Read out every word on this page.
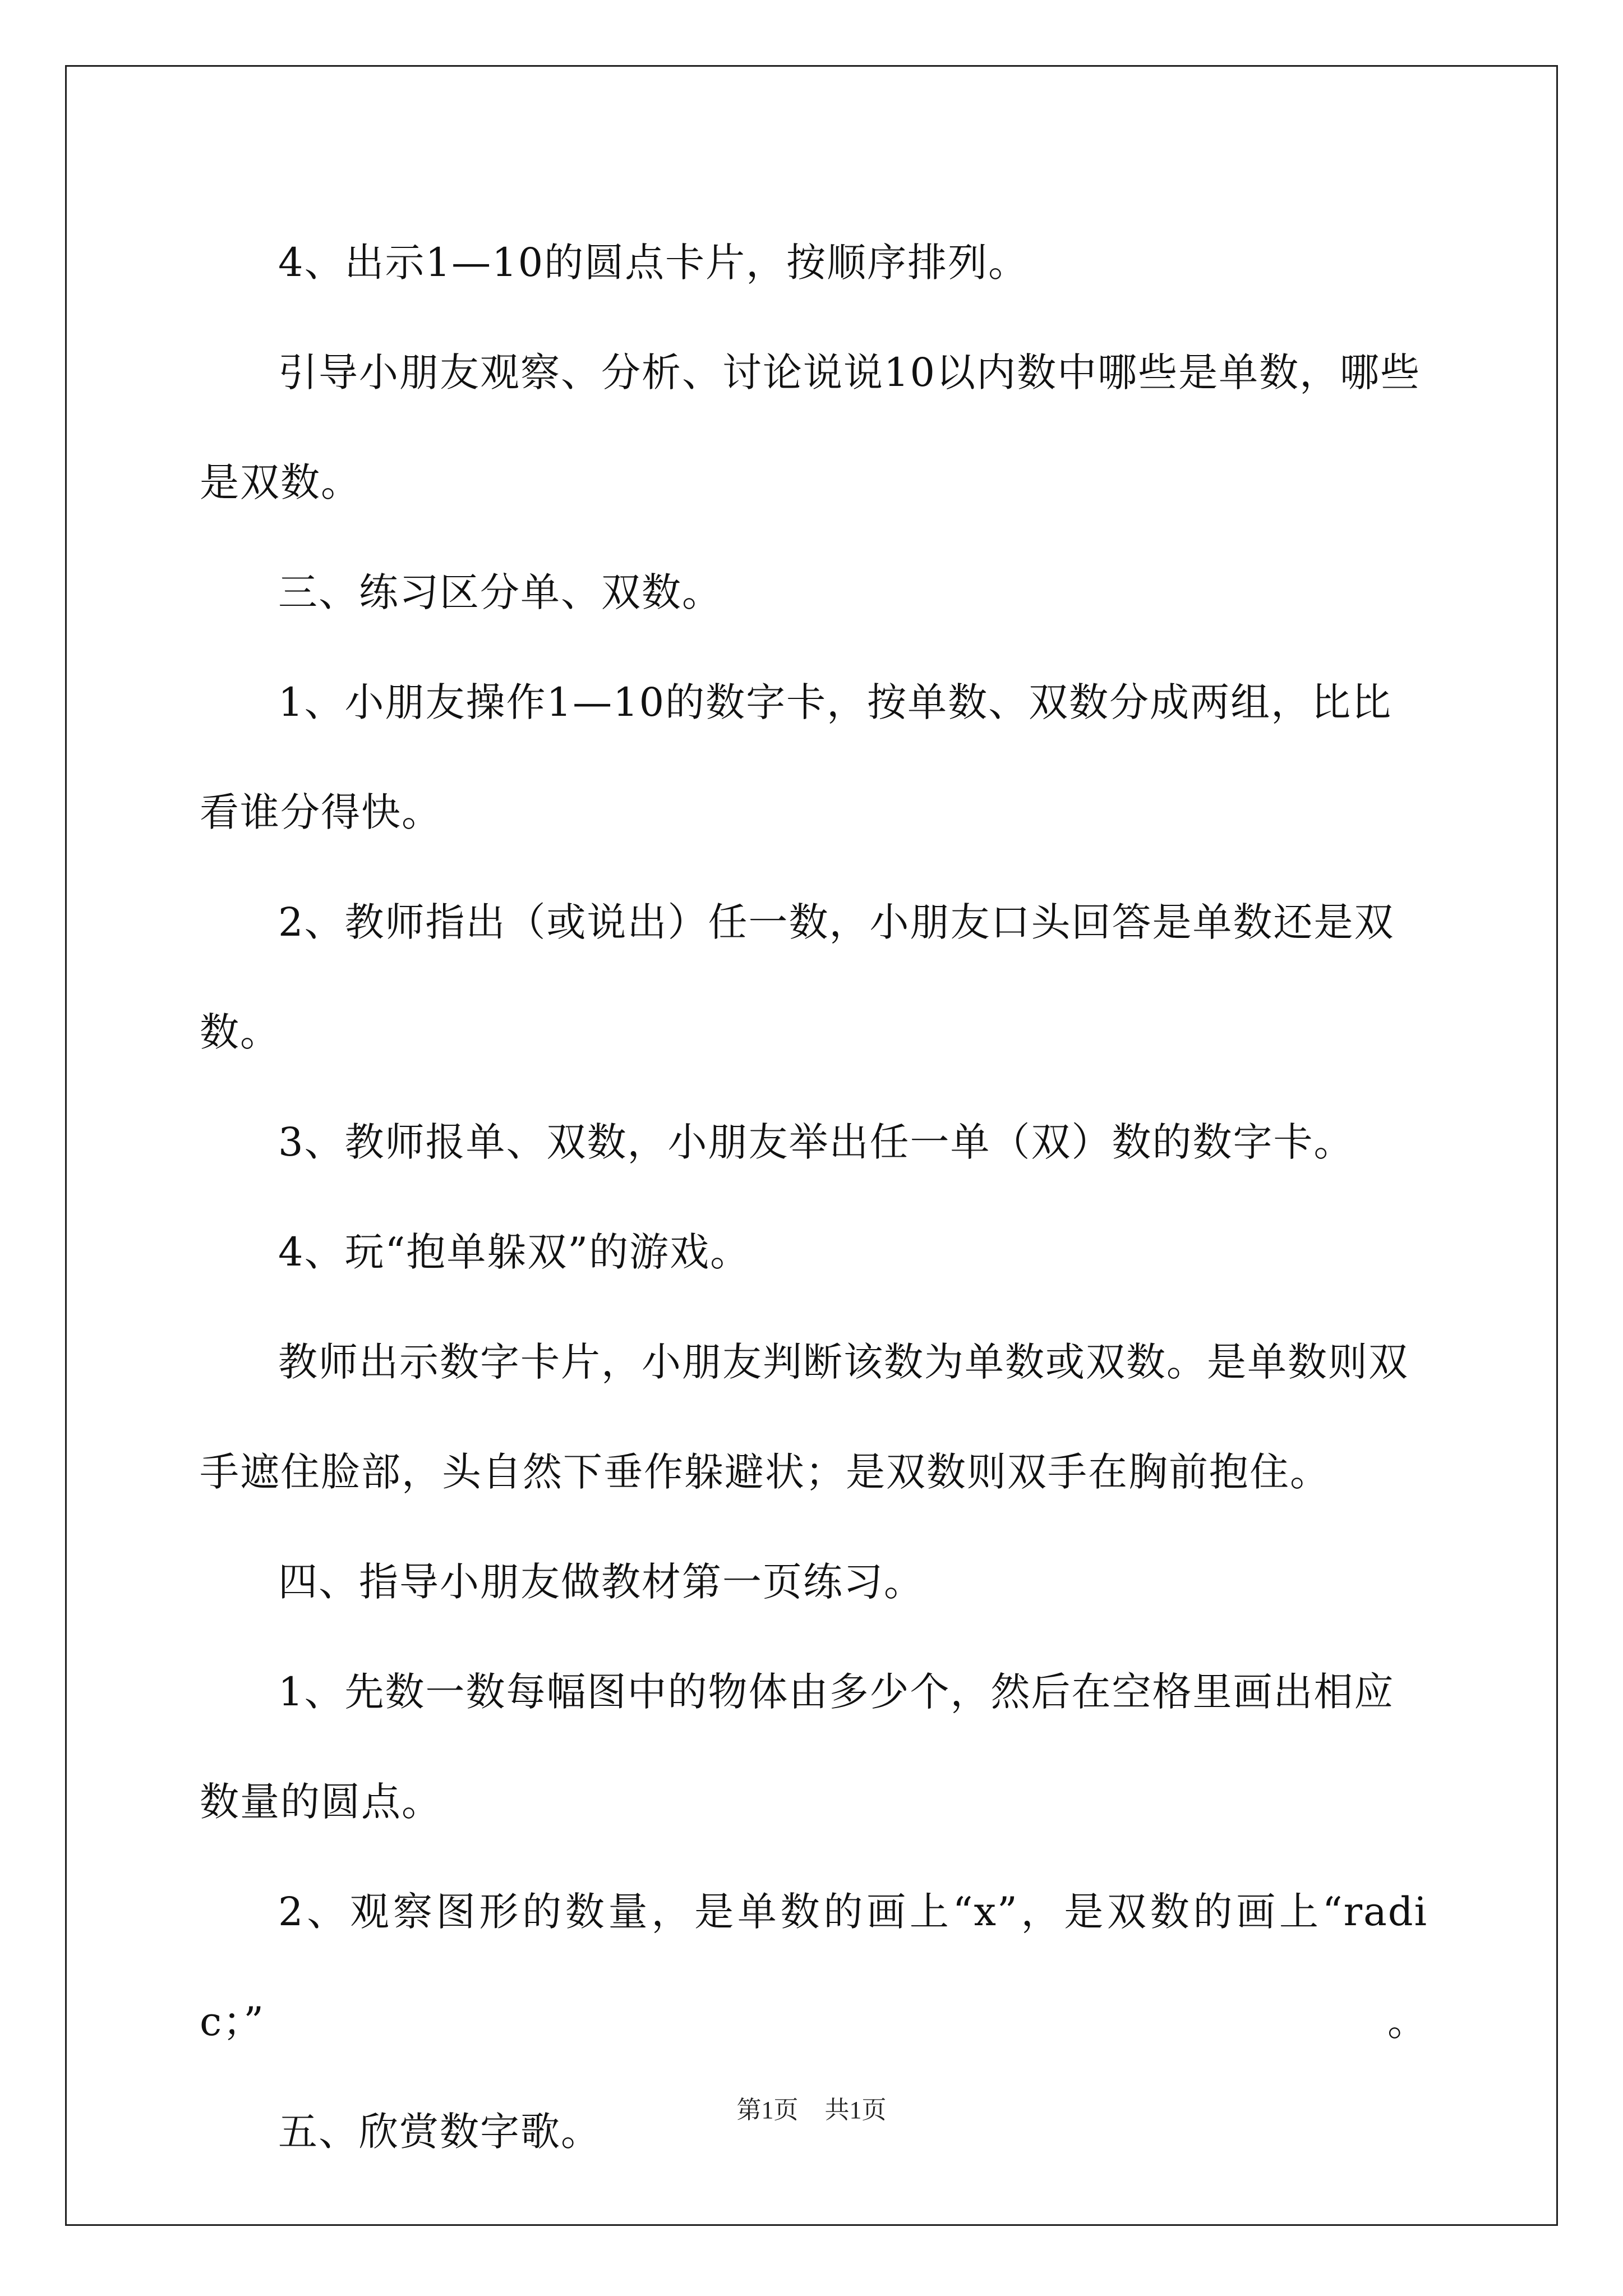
4、出示1—10的圆点卡片，按顺序排列。

引导小朋友观察、分析、讨论说说10以内数中哪些是单数，哪些是双数。

三、练习区分单、双数。

1、小朋友操作1—10的数字卡，按单数、双数分成两组，比比看谁分得快。

2、教师指出（或说出）任一数，小朋友口头回答是单数还是双数。

3、教师报单、双数，小朋友举出任一单（双）数的数字卡。

4、玩“抱单躲双”的游戏。

教师出示数字卡片，小朋友判断该数为单数或双数。是单数则双手遮住脸部，头自然下垂作躲避状；是双数则双手在胸前抱住。

四、指导小朋友做教材第一页练习。

1、先数一数每幅图中的物体由多少个，然后在空格里画出相应数量的圆点。

2、观察图形的数量，是单数的画上“x”，是双数的画上“radic；”。

五、欣赏数字歌。	第1页 共1页
